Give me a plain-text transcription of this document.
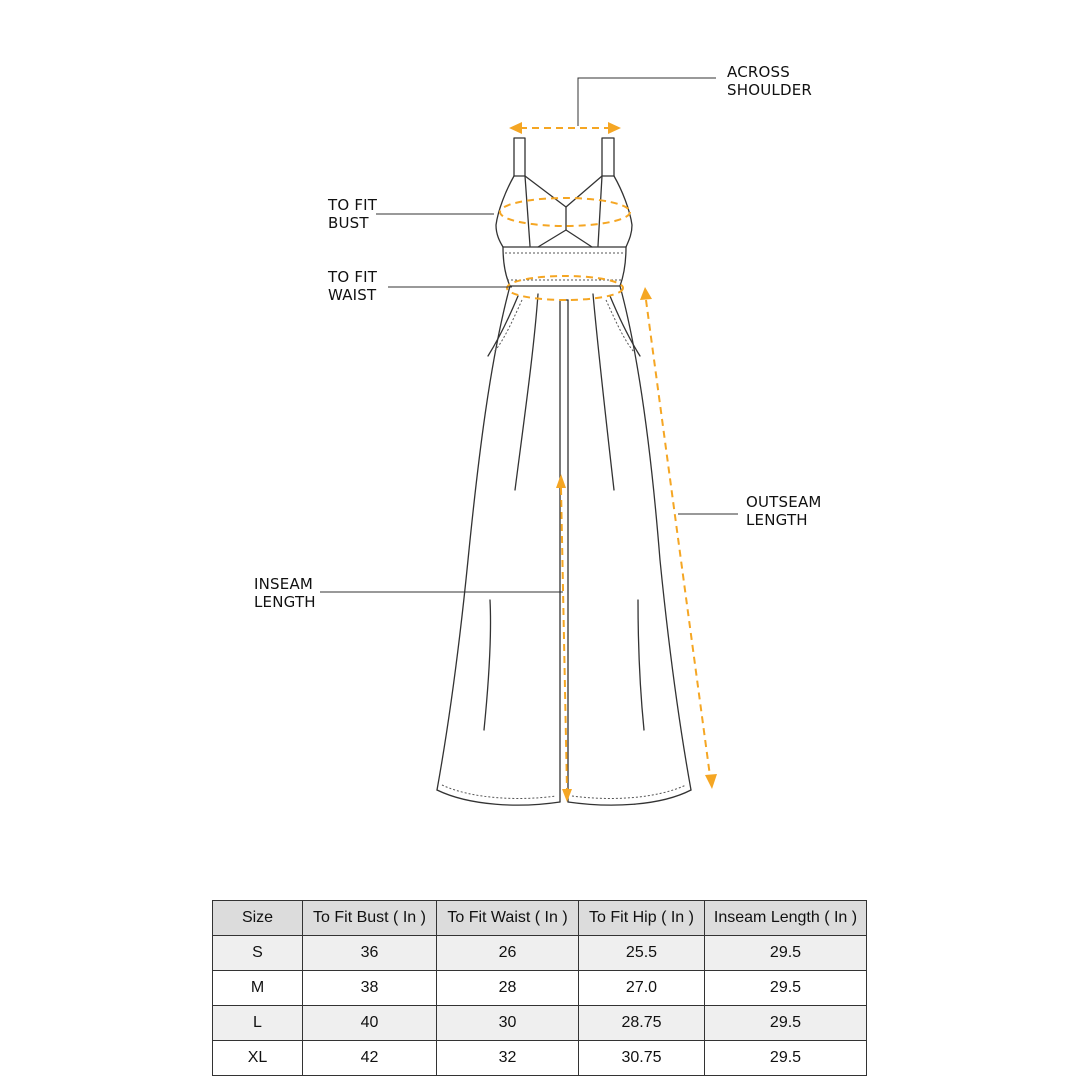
ACROSS
SHOULDER
TO FIT
BUST
TO FIT
WAIST
OUTSEAM
LENGTH
INSEAM
LENGTH
Size	To Fit Bust ( In )	To Fit Waist ( In )	To Fit Hip ( In )	Inseam Length ( In )
S	36	26	25.5	29.5
M	38	28	27.0	29.5
L	40	30	28.75	29.5
XL	42	32	30.75	29.5
